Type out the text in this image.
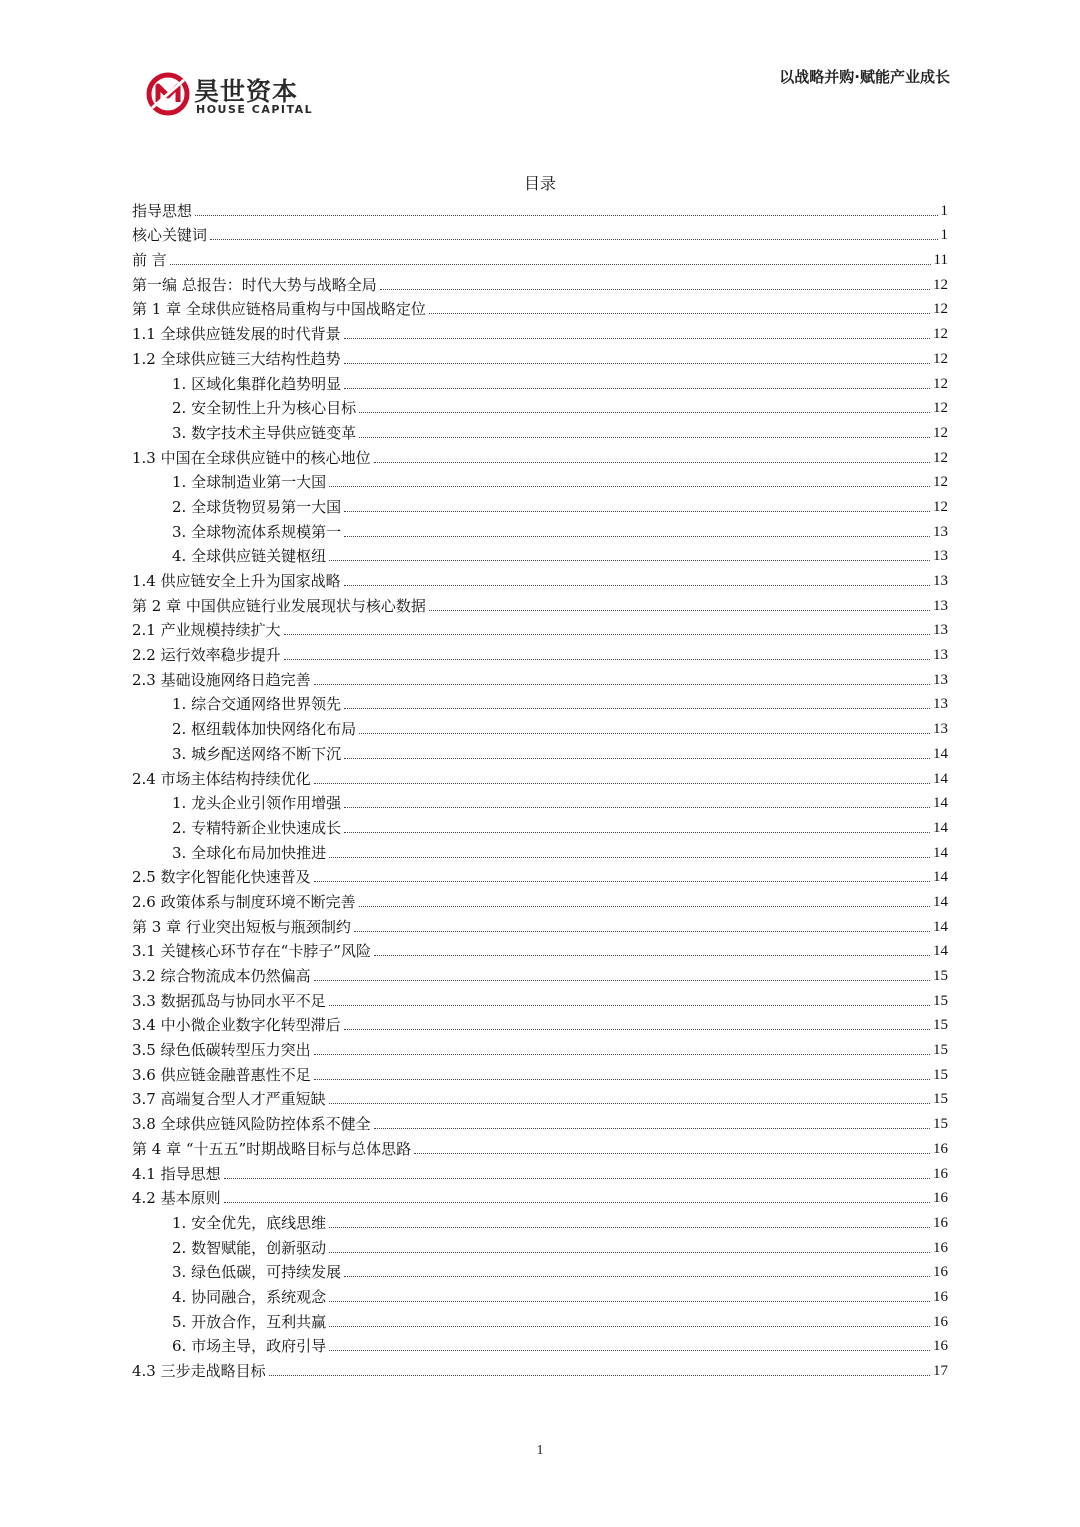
昊世资本
HOUSE CAPITAL
以战略并购·赋能产业成长
目录
指导思想	1
核心关键词	1
前 言	11
第一编 总报告：时代大势与战略全局	12
第 1 章 全球供应链格局重构与中国战略定位	12
1.1 全球供应链发展的时代背景	12
1.2 全球供应链三大结构性趋势	12
1. 区域化集群化趋势明显	12
2. 安全韧性上升为核心目标	12
3. 数字技术主导供应链变革	12
1.3 中国在全球供应链中的核心地位	12
1. 全球制造业第一大国	12
2. 全球货物贸易第一大国	12
3. 全球物流体系规模第一	13
4. 全球供应链关键枢纽	13
1.4 供应链安全上升为国家战略	13
第 2 章 中国供应链行业发展现状与核心数据	13
2.1 产业规模持续扩大	13
2.2 运行效率稳步提升	13
2.3 基础设施网络日趋完善	13
1. 综合交通网络世界领先	13
2. 枢纽载体加快网络化布局	13
3. 城乡配送网络不断下沉	14
2.4 市场主体结构持续优化	14
1. 龙头企业引领作用增强	14
2. 专精特新企业快速成长	14
3. 全球化布局加快推进	14
2.5 数字化智能化快速普及	14
2.6 政策体系与制度环境不断完善	14
第 3 章 行业突出短板与瓶颈制约	14
3.1 关键核心环节存在“卡脖子”风险	14
3.2 综合物流成本仍然偏高	15
3.3 数据孤岛与协同水平不足	15
3.4 中小微企业数字化转型滞后	15
3.5 绿色低碳转型压力突出	15
3.6 供应链金融普惠性不足	15
3.7 高端复合型人才严重短缺	15
3.8 全球供应链风险防控体系不健全	15
第 4 章 “十五五”时期战略目标与总体思路	16
4.1 指导思想	16
4.2 基本原则	16
1. 安全优先，底线思维	16
2. 数智赋能，创新驱动	16
3. 绿色低碳，可持续发展	16
4. 协同融合，系统观念	16
5. 开放合作，互利共赢	16
6. 市场主导，政府引导	16
4.3 三步走战略目标	17
1
